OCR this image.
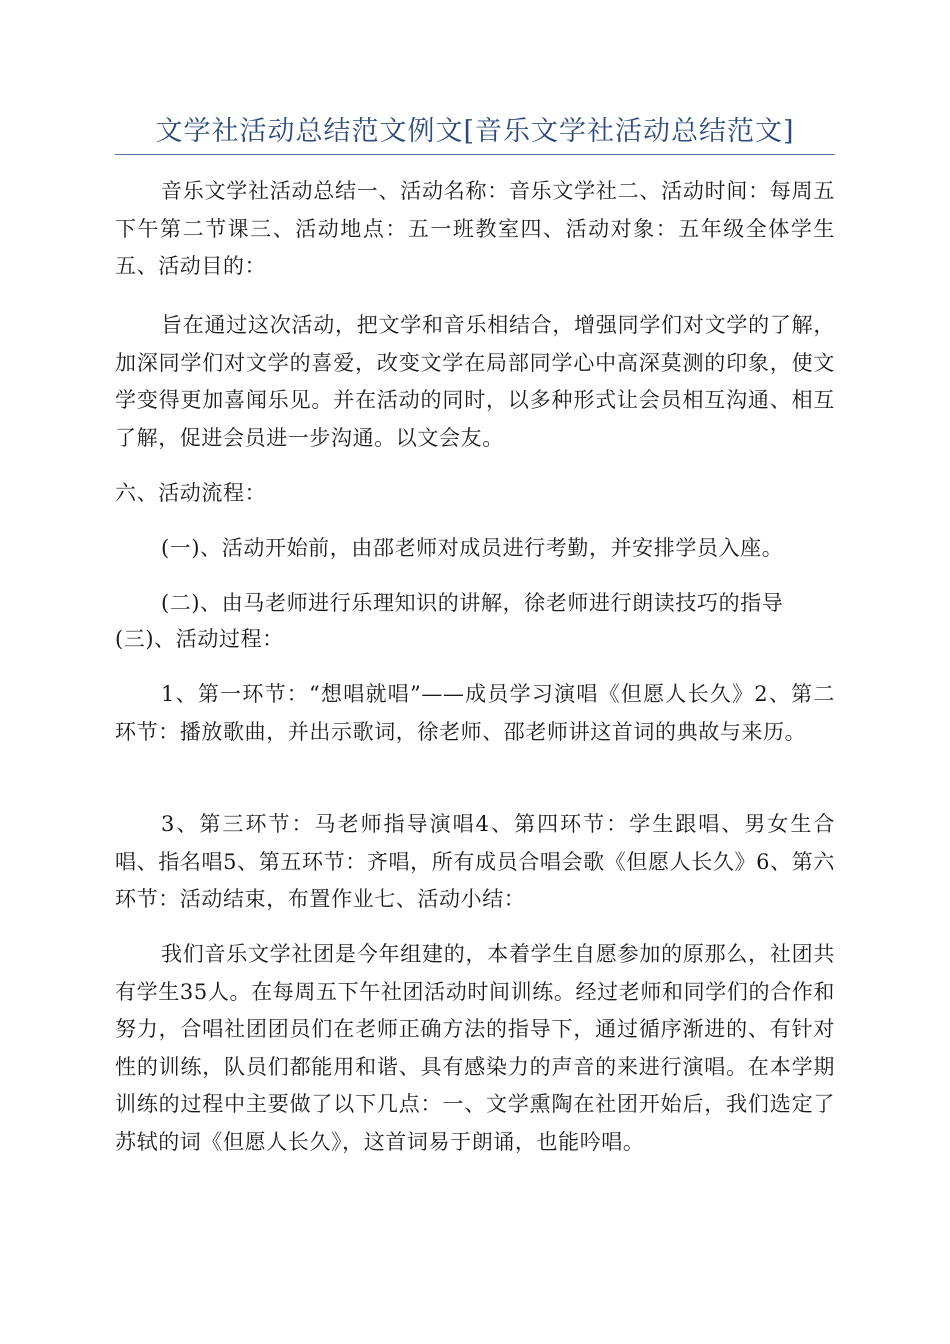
文学社活动总结范文例文[音乐文学社活动总结范文]

音乐文学社活动总结一、活动名称：音乐文学社二、活动时间：每周五下午第二节课三、活动地点：五一班教室四、活动对象：五年级全体学生五、活动目的：

旨在通过这次活动，把文学和音乐相结合，增强同学们对文学的了解，加深同学们对文学的喜爱，改变文学在局部同学心中高深莫测的印象，使文学变得更加喜闻乐见。并在活动的同时，以多种形式让会员相互沟通、相互了解，促进会员进一步沟通。以文会友。

六、活动流程：

(一)、活动开始前，由邵老师对成员进行考勤，并安排学员入座。

(二)、由马老师进行乐理知识的讲解，徐老师进行朗读技巧的指导

(三)、活动过程：

1、第一环节：“想唱就唱”——成员学习演唱《但愿人长久》2、第二环节：播放歌曲，并出示歌词，徐老师、邵老师讲这首词的典故与来历。

3、第三环节：马老师指导演唱4、第四环节：学生跟唱、男女生合唱、指名唱5、第五环节：齐唱，所有成员合唱会歌《但愿人长久》6、第六环节：活动结束，布置作业七、活动小结：

我们音乐文学社团是今年组建的，本着学生自愿参加的原那么，社团共有学生35人。在每周五下午社团活动时间训练。经过老师和同学们的合作和努力，合唱社团团员们在老师正确方法的指导下，通过循序渐进的、有针对性的训练，队员们都能用和谐、具有感染力的声音的来进行演唱。在本学期训练的过程中主要做了以下几点：一、文学熏陶在社团开始后，我们选定了苏轼的词《但愿人长久》，这首词易于朗诵，也能吟唱。
